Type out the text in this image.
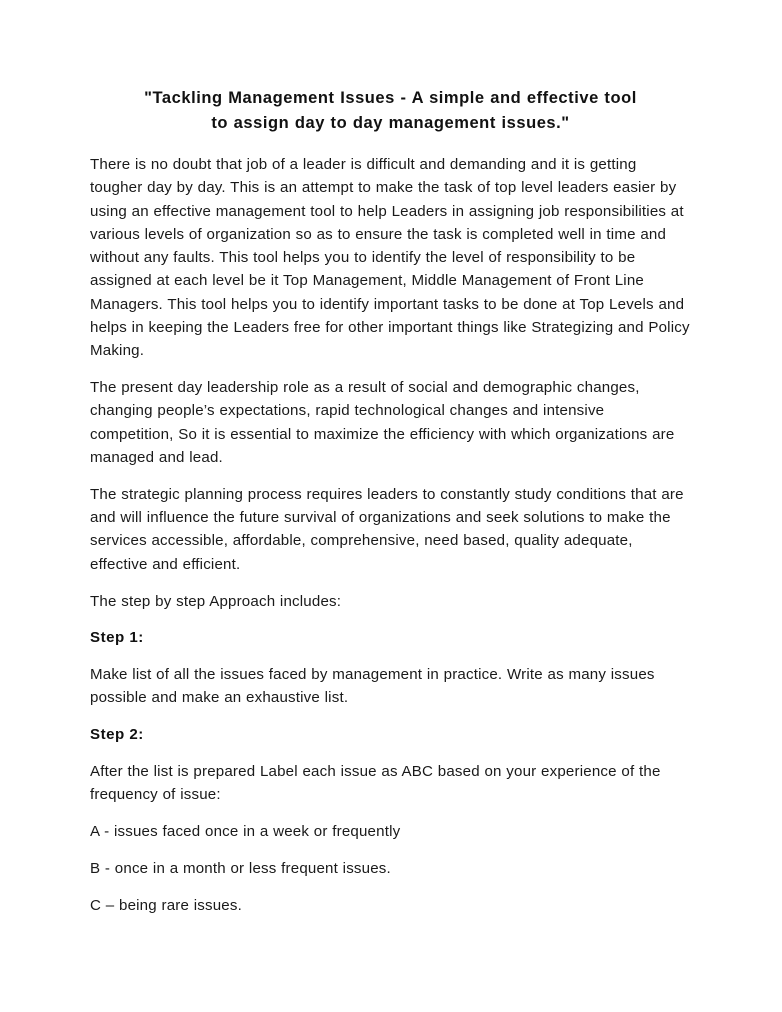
"Tackling Management Issues - A simple and effective tool
to assign day to day management issues."

There is no doubt that job of a leader is difficult and demanding and it is getting tougher day by day. This is an attempt to make the task of top level leaders easier by using an effective management tool to help Leaders in assigning job responsibilities at various levels of organization so as to ensure the task is completed well in time and without any faults. This tool helps you to identify the level of responsibility to be assigned at each level be it Top Management, Middle Management of Front Line Managers. This tool helps you to identify important tasks to be done at Top Levels and helps in keeping the Leaders free for other important things like Strategizing and Policy Making.

The present day leadership role as a result of social and demographic changes, changing people’s expectations, rapid technological changes and intensive competition, So it is essential to maximize the efficiency with which organizations are managed and lead.

The strategic planning process requires leaders to constantly study conditions that are and will influence the future survival of organizations and seek solutions to make the services accessible, affordable, comprehensive, need based, quality adequate, effective and efficient.

The step by step Approach includes:

Step 1:

Make list of all the issues faced by management in practice. Write as many issues possible and make an exhaustive list.

Step 2:

After the list is prepared Label each issue as ABC based on your experience of the frequency of issue:

A - issues faced once in a week or frequently

B - once in a month or less frequent issues.

C – being rare issues.
